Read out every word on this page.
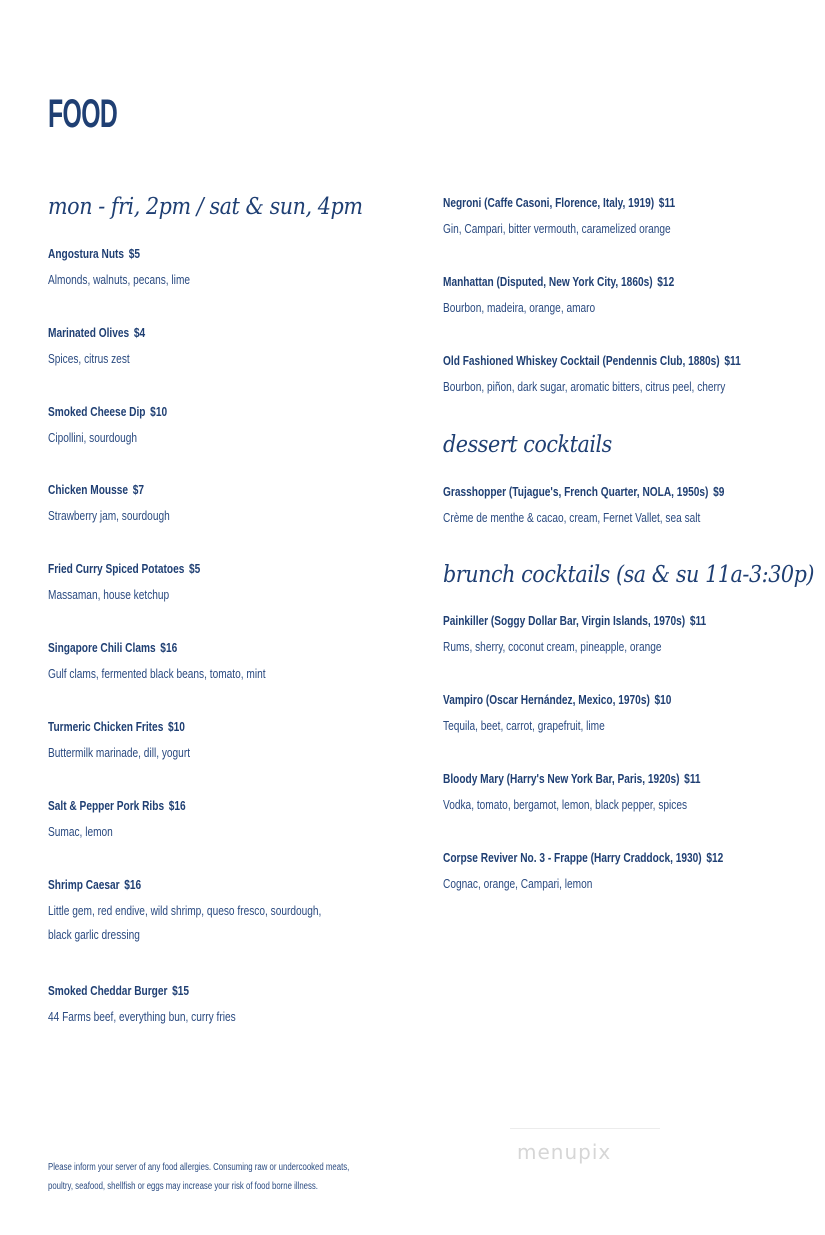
FOOD
mon - fri, 2pm / sat & sun, 4pm
Angostura Nuts $5
Almonds, walnuts, pecans, lime
Marinated Olives $4
Spices, citrus zest
Smoked Cheese Dip $10
Cipollini, sourdough
Chicken Mousse $7
Strawberry jam, sourdough
Fried Curry Spiced Potatoes $5
Massaman, house ketchup
Singapore Chili Clams $16
Gulf clams, fermented black beans, tomato, mint
Turmeric Chicken Frites $10
Buttermilk marinade, dill, yogurt
Salt & Pepper Pork Ribs $16
Sumac, lemon
Shrimp Caesar $16
Little gem, red endive, wild shrimp, queso fresco, sourdough,
black garlic dressing
Smoked Cheddar Burger $15
44 Farms beef, everything bun, curry fries
Negroni (Caffe Casoni, Florence, Italy, 1919) $11
Gin, Campari, bitter vermouth, caramelized orange
Manhattan (Disputed, New York City, 1860s) $12
Bourbon, madeira, orange, amaro
Old Fashioned Whiskey Cocktail (Pendennis Club, 1880s) $11
Bourbon, piñon, dark sugar, aromatic bitters, citrus peel, cherry
dessert cocktails
Grasshopper (Tujague's, French Quarter, NOLA, 1950s) $9
Crème de menthe & cacao, cream, Fernet Vallet, sea salt
brunch cocktails (sa & su 11a-3:30p)
Painkiller (Soggy Dollar Bar, Virgin Islands, 1970s) $11
Rums, sherry, coconut cream, pineapple, orange
Vampiro (Oscar Hernández, Mexico, 1970s) $10
Tequila, beet, carrot, grapefruit, lime
Bloody Mary (Harry's New York Bar, Paris, 1920s) $11
Vodka, tomato, bergamot, lemon, black pepper, spices
Corpse Reviver No. 3 - Frappe (Harry Craddock, 1930) $12
Cognac, orange, Campari, lemon
Please inform your server of any food allergies. Consuming raw or undercooked meats,
poultry, seafood, shellfish or eggs may increase your risk of food borne illness.
menupix
